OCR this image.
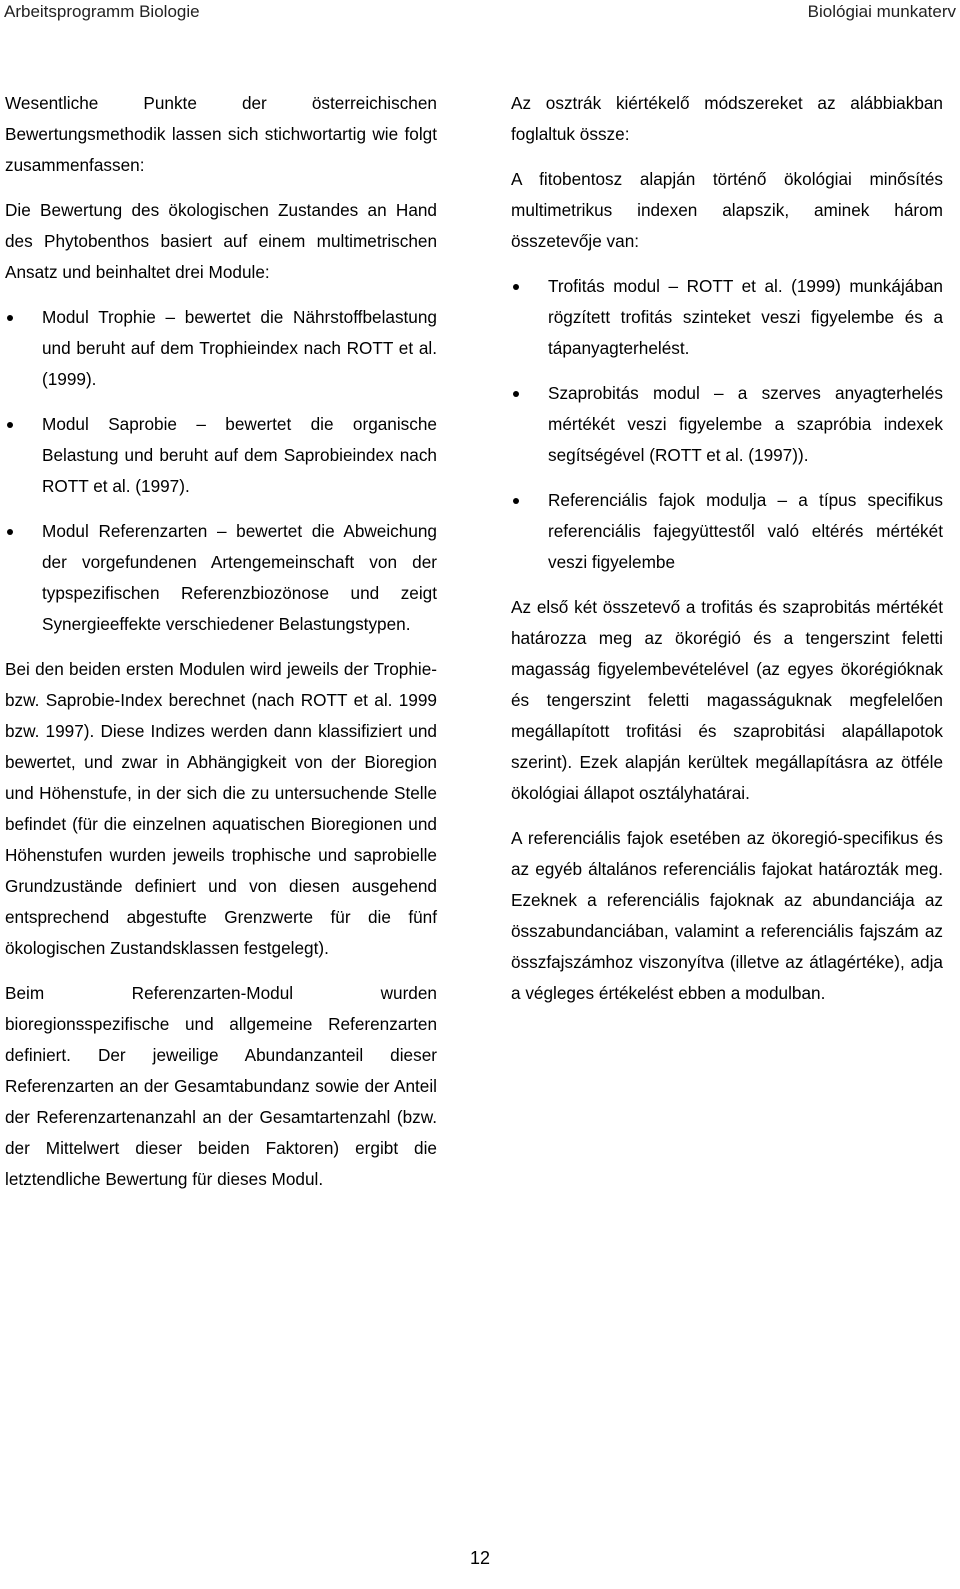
Arbeitsprogramm Biologie	Biológiai munkaterv

Wesentliche Punkte der österreichischen Bewertungsmethodik lassen sich stichwortartig wie folgt zusammenfassen:

Die Bewertung des ökologischen Zustandes an Hand des Phytobenthos basiert auf einem multimetrischen Ansatz und beinhaltet drei Module:

Modul Trophie – bewertet die Nährstoffbelastung und beruht auf dem Trophieindex nach ROTT et al. (1999).
Modul Saprobie – bewertet die organische Belastung und beruht auf dem Saprobieindex nach ROTT et al. (1997).
Modul Referenzarten – bewertet die Abweichung der vorgefundenen Artengemeinschaft von der typspezifischen Referenzbiozönose und zeigt Synergieeffekte verschiedener Belastungstypen.

Bei den beiden ersten Modulen wird jeweils der Trophie- bzw. Saprobie-Index berechnet (nach ROTT et al. 1999 bzw. 1997). Diese Indizes werden dann klassifiziert und bewertet, und zwar in Abhängigkeit von der Bioregion und Höhenstufe, in der sich die zu untersuchende Stelle befindet (für die einzelnen aquatischen Bioregionen und Höhenstufen wurden jeweils trophische und saprobielle Grundzustände definiert und von diesen ausgehend entsprechend abgestufte Grenzwerte für die fünf ökologischen Zustandsklassen festgelegt).

Beim Referenzarten-Modul wurden bioregionsspezifische und allgemeine Referenzarten definiert. Der jeweilige Abundanzanteil dieser Referenzarten an der Gesamtabundanz sowie der Anteil der Referenzartenanzahl an der Gesamtartenzahl (bzw. der Mittelwert dieser beiden Faktoren) ergibt die letztendliche Bewertung für dieses Modul.

Az osztrák kiértékelő módszereket az alábbiakban foglaltuk össze:

A fitobentosz alapján történő ökológiai minősítés multimetrikus indexen alapszik, aminek három összetevője van:

Trofitás modul – ROTT et al. (1999) munkájában rögzített trofitás szinteket veszi figyelembe és a tápanyagterhelést.
Szaprobitás modul – a szerves anyagterhelés mértékét veszi figyelembe a szapróbia indexek segítségével (ROTT et al. (1997)).
Referenciális fajok modulja – a típus specifikus referenciális fajegyüttestől való eltérés mértékét veszi figyelembe

Az első két összetevő a trofitás és szaprobitás mértékét határozza meg az ökorégió és a tengerszint feletti magasság figyelembevételével (az egyes ökorégióknak és tengerszint feletti magasságuknak megfelelően megállapított trofitási és szaprobitási alapállapotok szerint). Ezek alapján kerültek megállapításra az ötféle ökológiai állapot osztályhatárai.

A referenciális fajok esetében az ökoregió-specifikus és az egyéb általános referenciális fajokat határozták meg. Ezeknek a referenciális fajoknak az abundanciája az összabundanciában, valamint a referenciális fajszám az összfajszámhoz viszonyítva (illetve az átlagértéke), adja a végleges értékelést ebben a modulban.

12
